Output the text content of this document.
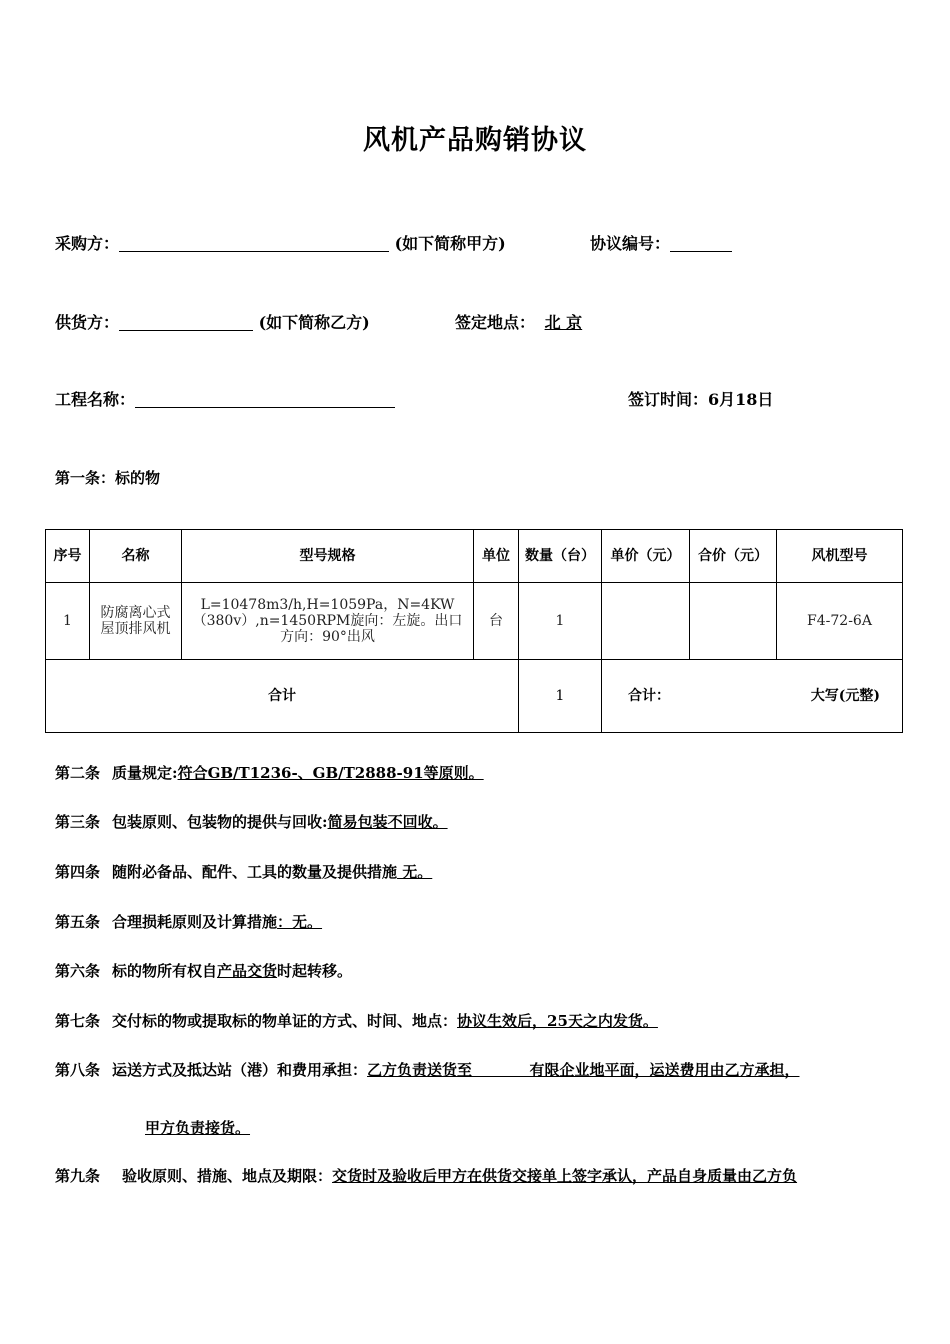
风机产品购销协议
采购方：	(如下简称甲方)	协议编号：
供货方：	(如下简称乙方)	签定地点： 北 京
工程名称：	签订时间：6月18日
第一条：标的物
序号	名称	型号规格	单位	数量（台）	单价（元）	合价（元）	风机型号
1	防腐离心式屋顶排风机	L=10478m3/h,H=1059Pa，N=4KW（380v）,n=1450RPM旋向：左旋。出口方向：90°出风	台	1			F4-72-6A
合计				1	合计： 大写(元整)		
第二条 质量规定:符合GB/T1236-、GB/T2888-91等原则。
第三条 包装原则、包装物的提供与回收:简易包装不回收。
第四条 随附必备品、配件、工具的数量及提供措施 无。
第五条 合理损耗原则及计算措施：无。
第六条 标的物所有权自产品交货时起转移。
第七条 交付标的物或提取标的物单证的方式、时间、地点：协议生效后，25天之内发货。
第八条 运送方式及抵达站（港）和费用承担：乙方负责送货至           有限企业地平面，运送费用由乙方承担，
甲方负责接货。
第九条 验收原则、措施、地点及期限：交货时及验收后甲方在供货交接单上签字承认，产品自身质量由乙方负
